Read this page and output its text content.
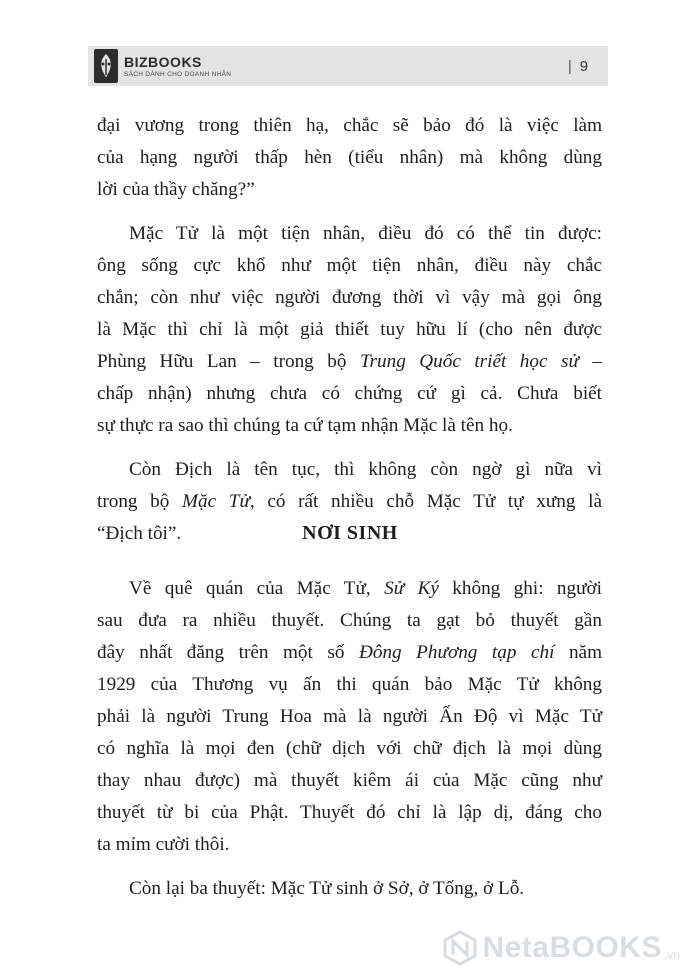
BIZBOOKS
SÁCH DÀNH CHO DOANH NHÂN	| 9
đại vương trong thiên hạ, chắc sẽ bảo đó là việc làm
của hạng người thấp hèn (tiểu nhân) mà không dùng
lời của thầy chăng?”
Mặc Tử là một tiện nhân, điều đó có thể tin được:
ông sống cực khổ như một tiện nhân, điều này chắc
chắn; còn như việc người đương thời vì vậy mà gọi ông
là Mặc thì chỉ là một giả thiết tuy hữu lí (cho nên được
Phùng Hữu Lan – trong bộ Trung Quốc triết học sử –
chấp nhận) nhưng chưa có chứng cứ gì cả. Chưa biết
sự thực ra sao thì chúng ta cứ tạm nhận Mặc là tên họ.
Còn Địch là tên tục, thì không còn ngờ gì nữa vì
trong bộ Mặc Tử, có rất nhiều chỗ Mặc Tử tự xưng là
“Địch tôi”.	NƠI SINH
Về quê quán của Mặc Tử, Sử Ký không ghi: người
sau đưa ra nhiều thuyết. Chúng ta gạt bỏ thuyết gần
đây nhất đăng trên một số Đông Phương tạp chí năm
1929 của Thương vụ ấn thi quán bảo Mặc Tử không
phải là người Trung Hoa mà là người Ấn Độ vì Mặc Tử
có nghĩa là mọi đen (chữ dịch với chữ địch là mọi dùng
thay nhau được) mà thuyết kiêm ái của Mặc cũng như
thuyết từ bi của Phật. Thuyết đó chỉ là lập dị, đáng cho
ta mỉm cười thôi.
Còn lại ba thuyết: Mặc Tử sinh ở Sở, ở Tống, ở Lỗ.
NetaBOOKS .vn
